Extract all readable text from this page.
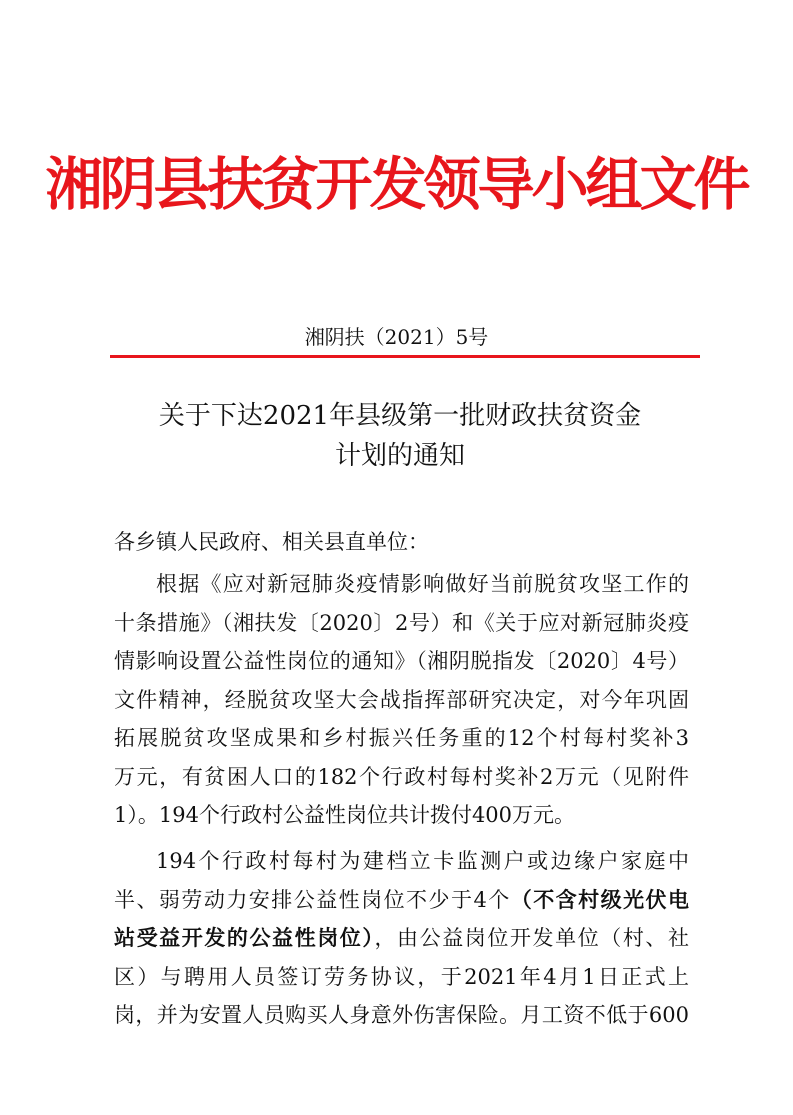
湘阴县扶贫开发领导小组文件
湘阴扶（2021）5号
关于下达2021年县级第一批财政扶贫资金
计划的通知
各乡镇人民政府、相关县直单位：
根据《应对新冠肺炎疫情影响做好当前脱贫攻坚工作的
十条措施》（湘扶发〔2020〕2号）和《关于应对新冠肺炎疫
情影响设置公益性岗位的通知》（湘阴脱指发〔2020〕4号）
文件精神，经脱贫攻坚大会战指挥部研究决定，对今年巩固
拓展脱贫攻坚成果和乡村振兴任务重的12个村每村奖补3
万元，有贫困人口的182个行政村每村奖补2万元（见附件
1）。194个行政村公益性岗位共计拨付400万元。
194个行政村每村为建档立卡监测户或边缘户家庭中
半、弱劳动力安排公益性岗位不少于4个（不含村级光伏电
站受益开发的公益性岗位），由公益岗位开发单位（村、社
区）与聘用人员签订劳务协议，于2021年4月1日正式上
岗，并为安置人员购买人身意外伤害保险。月工资不低于600
